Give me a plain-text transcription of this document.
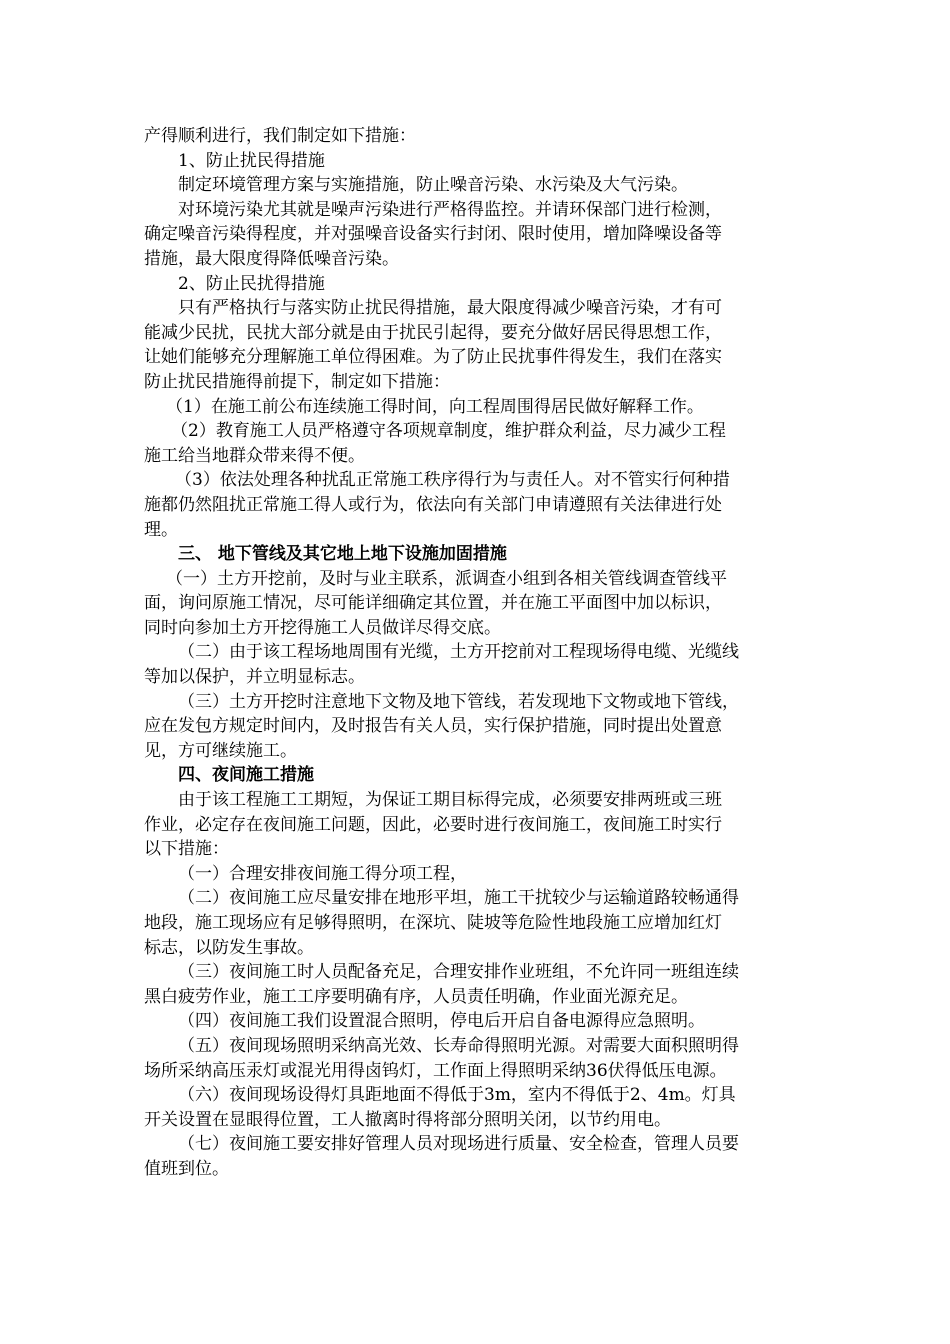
产得顺利进行，我们制定如下措施：
1、防止扰民得措施
制定环境管理方案与实施措施，防止噪音污染、水污染及大气污染。
对环境污染尤其就是噪声污染进行严格得监控。并请环保部门进行检测，
确定噪音污染得程度，并对强噪音设备实行封闭、限时使用，增加降噪设备等
措施，最大限度得降低噪音污染。
2、防止民扰得措施
只有严格执行与落实防止扰民得措施，最大限度得减少噪音污染，才有可
能减少民扰，民扰大部分就是由于扰民引起得，要充分做好居民得思想工作，
让她们能够充分理解施工单位得困难。为了防止民扰事件得发生，我们在落实
防止扰民措施得前提下，制定如下措施：
（1）在施工前公布连续施工得时间，向工程周围得居民做好解释工作。
（2）教育施工人员严格遵守各项规章制度，维护群众利益，尽力减少工程
施工给当地群众带来得不便。
（3）依法处理各种扰乱正常施工秩序得行为与责任人。对不管实行何种措
施都仍然阻扰正常施工得人或行为，依法向有关部门申请遵照有关法律进行处
理。
三、 地下管线及其它地上地下设施加固措施
（一）土方开挖前，及时与业主联系，派调查小组到各相关管线调查管线平
面，询问原施工情况，尽可能详细确定其位置，并在施工平面图中加以标识，
同时向参加土方开挖得施工人员做详尽得交底。
（二）由于该工程场地周围有光缆，土方开挖前对工程现场得电缆、光缆线
等加以保护，并立明显标志。
（三）土方开挖时注意地下文物及地下管线，若发现地下文物或地下管线，
应在发包方规定时间内，及时报告有关人员，实行保护措施，同时提出处置意
见，方可继续施工。
四、夜间施工措施
由于该工程施工工期短，为保证工期目标得完成，必须要安排两班或三班
作业，必定存在夜间施工问题，因此，必要时进行夜间施工，夜间施工时实行
以下措施：
（一）合理安排夜间施工得分项工程，
（二）夜间施工应尽量安排在地形平坦，施工干扰较少与运输道路较畅通得
地段，施工现场应有足够得照明，在深坑、陡坡等危险性地段施工应增加红灯
标志，以防发生事故。
（三）夜间施工时人员配备充足，合理安排作业班组，不允许同一班组连续
黑白疲劳作业，施工工序要明确有序，人员责任明确，作业面光源充足。
（四）夜间施工我们设置混合照明，停电后开启自备电源得应急照明。
（五）夜间现场照明采纳高光效、长寿命得照明光源。对需要大面积照明得
场所采纳高压汞灯或混光用得卤钨灯，工作面上得照明采纳36伏得低压电源。
（六）夜间现场设得灯具距地面不得低于3m，室内不得低于2、4m。灯具
开关设置在显眼得位置，工人撤离时得将部分照明关闭，以节约用电。
（七）夜间施工要安排好管理人员对现场进行质量、安全检查，管理人员要
值班到位。
